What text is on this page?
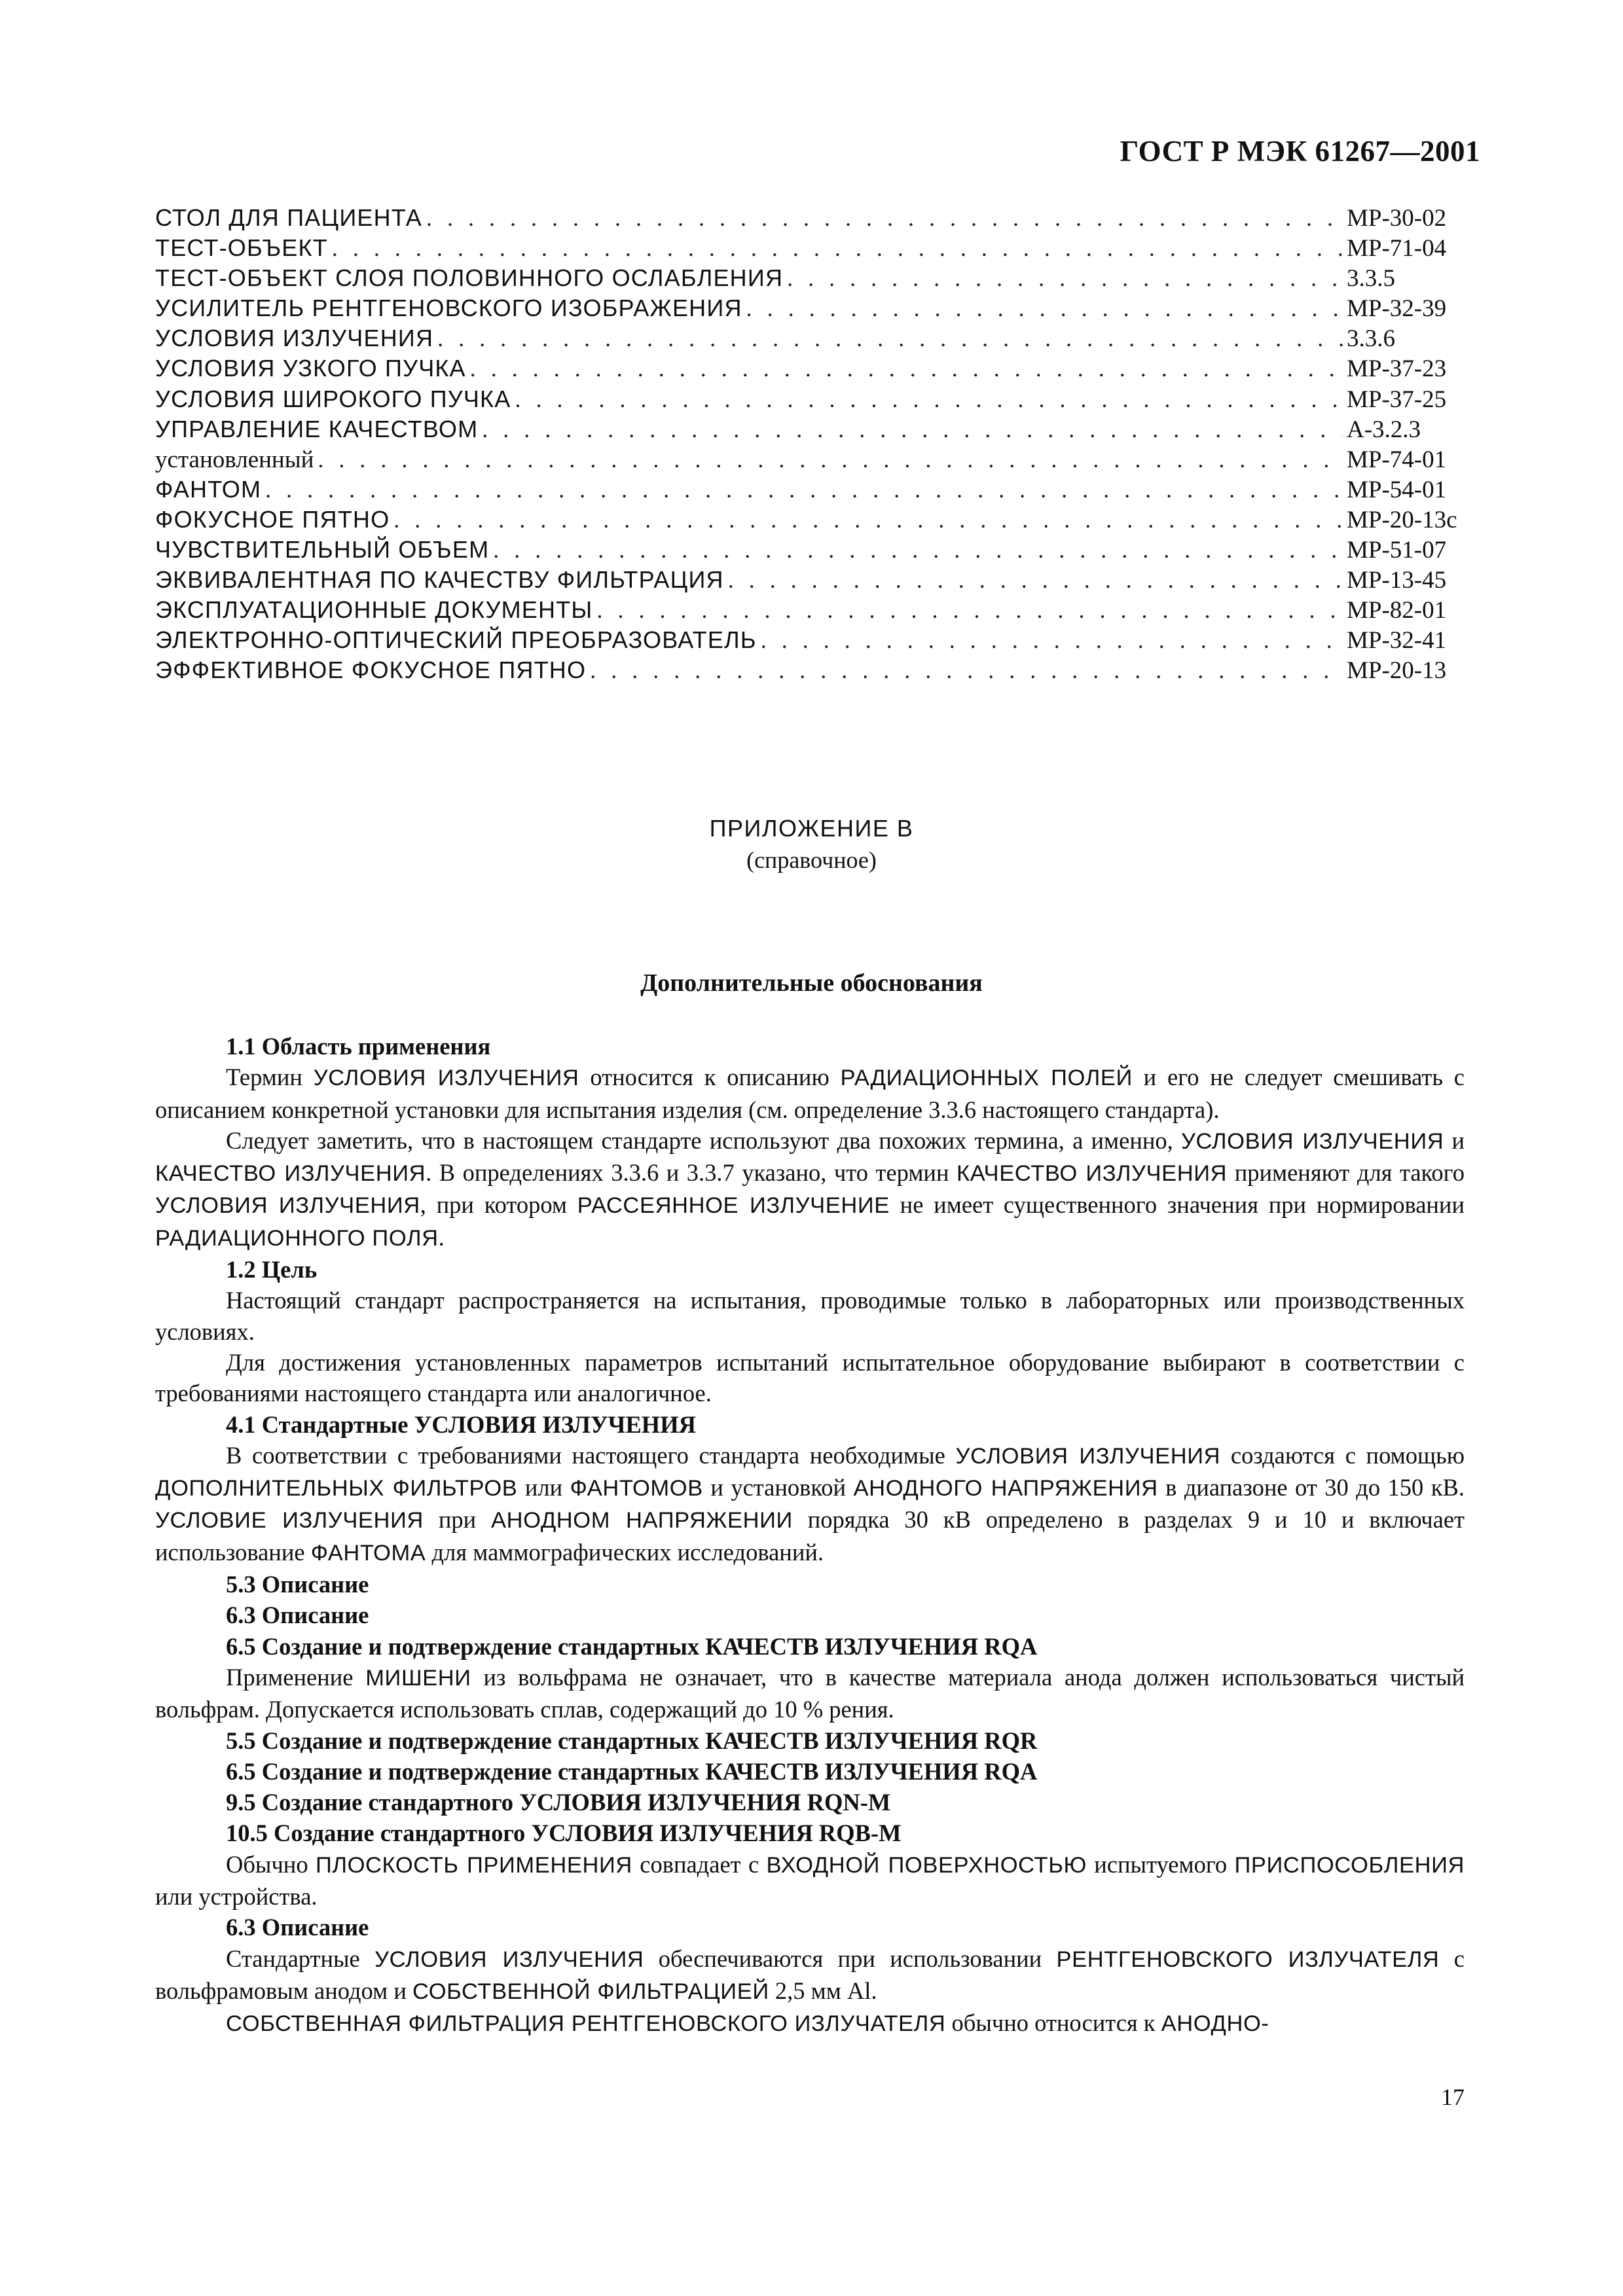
ГОСТ Р МЭК 61267—2001
СТОЛ ДЛЯ ПАЦИЕНТА . . .	МР-30-02
ТЕСТ-ОБЪЕКТ . . .	МР-71-04
ТЕСТ-ОБЪЕКТ СЛОЯ ПОЛОВИННОГО ОСЛАБЛЕНИЯ . . .	3.3.5
УСИЛИТЕЛЬ РЕНТГЕНОВСКОГО ИЗОБРАЖЕНИЯ . . .	МР-32-39
УСЛОВИЯ ИЗЛУЧЕНИЯ . . .	3.3.6
УСЛОВИЯ УЗКОГО ПУЧКА . . .	МР-37-23
УСЛОВИЯ ШИРОКОГО ПУЧКА . . .	МР-37-25
УПРАВЛЕНИЕ КАЧЕСТВОМ . . .	А-3.2.3
установленный . . .	МР-74-01
ФАНТОМ . . .	МР-54-01
ФОКУСНОЕ ПЯТНО . . .	МР-20-13с
ЧУВСТВИТЕЛЬНЫЙ ОБЪЕМ . . .	МР-51-07
ЭКВИВАЛЕНТНАЯ ПО КАЧЕСТВУ ФИЛЬТРАЦИЯ . . .	МР-13-45
ЭКСПЛУАТАЦИОННЫЕ ДОКУМЕНТЫ . . .	МР-82-01
ЭЛЕКТРОННО-ОПТИЧЕСКИЙ ПРЕОБРАЗОВАТЕЛЬ . . .	МР-32-41
ЭФФЕКТИВНОЕ ФОКУСНОЕ ПЯТНО . . .	МР-20-13
ПРИЛОЖЕНИЕ В
(справочное)
Дополнительные обоснования

1.1 Область применения

Термин УСЛОВИЯ ИЗЛУЧЕНИЯ относится к описанию РАДИАЦИОННЫХ ПОЛЕЙ и его не следует смешивать с описанием конкретной установки для испытания изделия (см. определение 3.3.6 настоящего стандарта).

Следует заметить, что в настоящем стандарте используют два похожих термина, а именно, УСЛОВИЯ ИЗЛУЧЕНИЯ и КАЧЕСТВО ИЗЛУЧЕНИЯ. В определениях 3.3.6 и 3.3.7 указано, что термин КАЧЕСТВО ИЗЛУЧЕНИЯ применяют для такого УСЛОВИЯ ИЗЛУЧЕНИЯ, при котором РАССЕЯННОЕ ИЗЛУЧЕНИЕ не имеет существенного значения при нормировании РАДИАЦИОННОГО ПОЛЯ.

1.2 Цель

Настоящий стандарт распространяется на испытания, проводимые только в лабораторных или производственных условиях.

Для достижения установленных параметров испытаний испытательное оборудование выбирают в соответствии с требованиями настоящего стандарта или аналогичное.

4.1 Стандартные УСЛОВИЯ ИЗЛУЧЕНИЯ

В соответствии с требованиями настоящего стандарта необходимые УСЛОВИЯ ИЗЛУЧЕНИЯ создаются с помощью ДОПОЛНИТЕЛЬНЫХ ФИЛЬТРОВ или ФАНТОМОВ и установкой АНОДНОГО НАПРЯЖЕНИЯ в диапазоне от 30 до 150 кВ. УСЛОВИЕ ИЗЛУЧЕНИЯ при АНОДНОМ НАПРЯЖЕНИИ порядка 30 кВ определено в разделах 9 и 10 и включает использование ФАНТОМА для маммографических исследований.

5.3 Описание

6.3 Описание

6.5 Создание и подтверждение стандартных КАЧЕСТВ ИЗЛУЧЕНИЯ RQA

Применение МИШЕНИ из вольфрама не означает, что в качестве материала анода должен использоваться чистый вольфрам. Допускается использовать сплав, содержащий до 10 % рения.

5.5 Создание и подтверждение стандартных КАЧЕСТВ ИЗЛУЧЕНИЯ RQR

6.5 Создание и подтверждение стандартных КАЧЕСТВ ИЗЛУЧЕНИЯ RQA

9.5 Создание стандартного УСЛОВИЯ ИЗЛУЧЕНИЯ RQN-M

10.5 Создание стандартного УСЛОВИЯ ИЗЛУЧЕНИЯ RQB-M

Обычно ПЛОСКОСТЬ ПРИМЕНЕНИЯ совпадает с ВХОДНОЙ ПОВЕРХНОСТЬЮ испытуемого ПРИСПОСОБЛЕНИЯ или устройства.

6.3 Описание

Стандартные УСЛОВИЯ ИЗЛУЧЕНИЯ обеспечиваются при использовании РЕНТГЕНОВСКОГО ИЗЛУЧАТЕЛЯ с вольфрамовым анодом и СОБСТВЕННОЙ ФИЛЬТРАЦИЕЙ 2,5 мм Al.

СОБСТВЕННАЯ ФИЛЬТРАЦИЯ РЕНТГЕНОВСКОГО ИЗЛУЧАТЕЛЯ обычно относится к АНОДНО-

17
